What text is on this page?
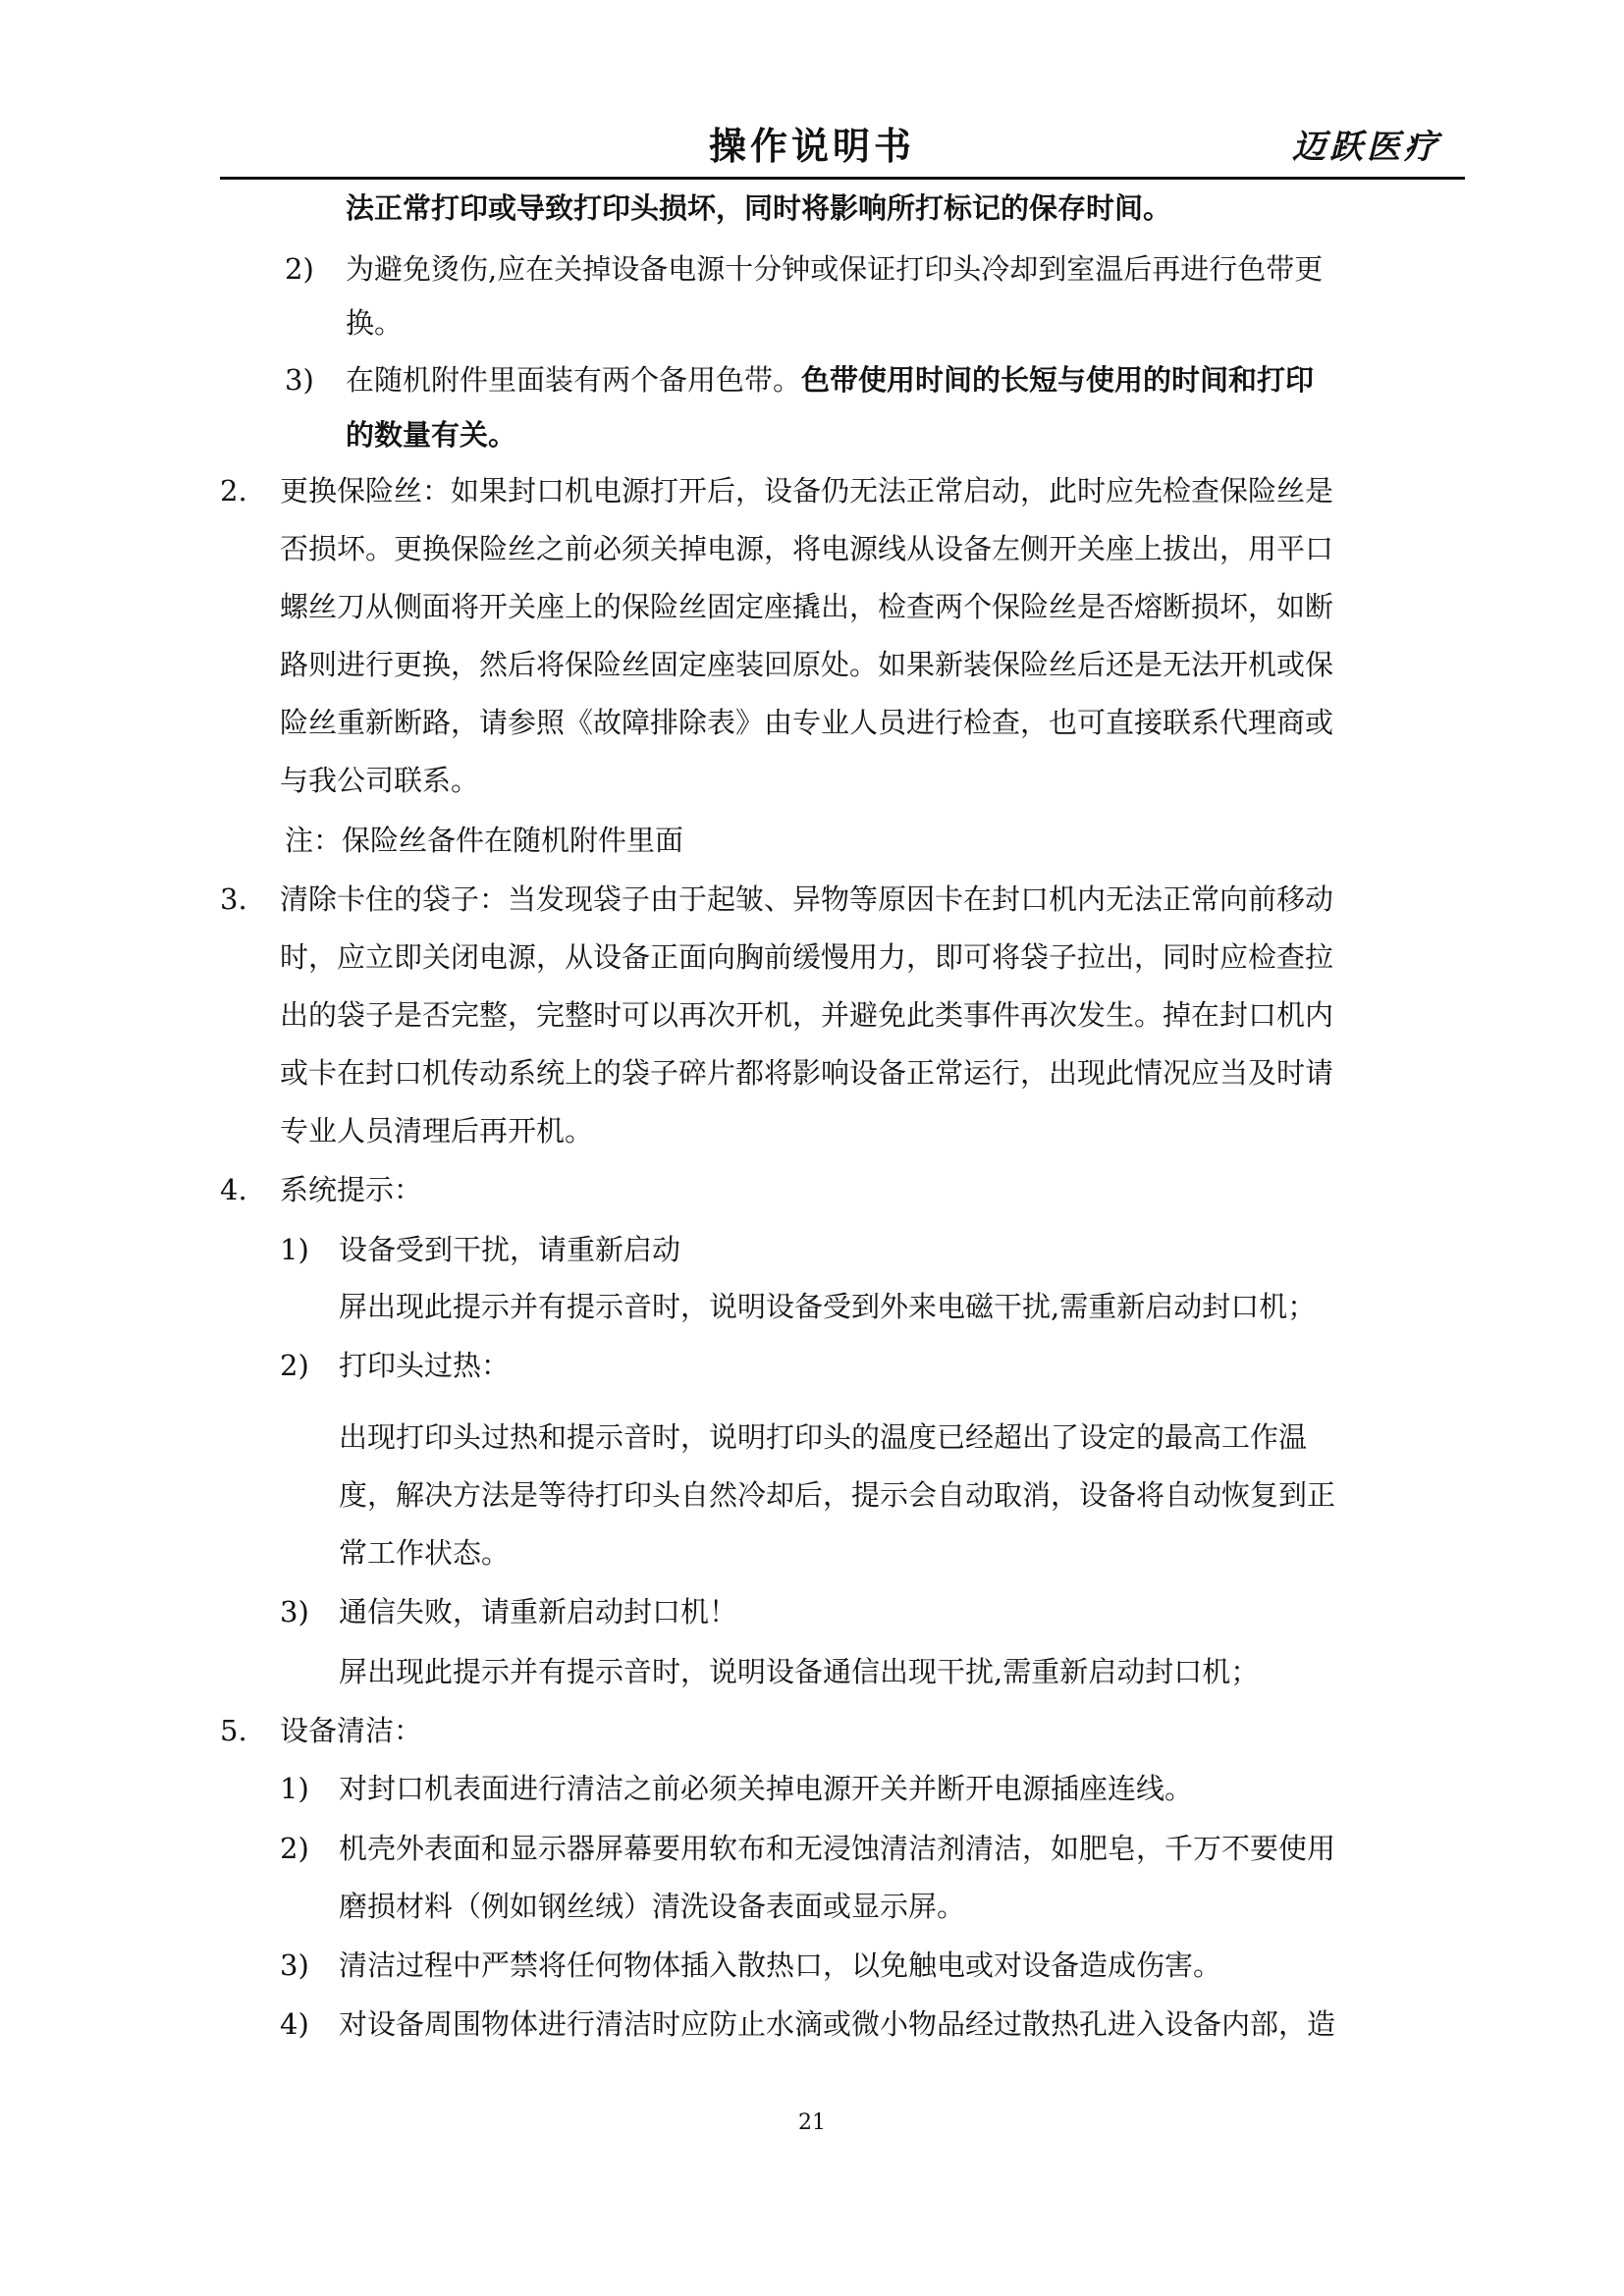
操作说明书	迈跃医疗
法正常打印或导致打印头损坏，同时将影响所打标记的保存时间。
2) 为避免烫伤,应在关掉设备电源十分钟或保证打印头冷却到室温后再进行色带更
换。
3) 在随机附件里面装有两个备用色带。色带使用时间的长短与使用的时间和打印
的数量有关。
2. 更换保险丝：如果封口机电源打开后，设备仍无法正常启动，此时应先检查保险丝是
否损坏。更换保险丝之前必须关掉电源，将电源线从设备左侧开关座上拔出，用平口
螺丝刀从侧面将开关座上的保险丝固定座撬出，检查两个保险丝是否熔断损坏，如断
路则进行更换，然后将保险丝固定座装回原处。如果新装保险丝后还是无法开机或保
险丝重新断路，请参照《故障排除表》由专业人员进行检查，也可直接联系代理商或
与我公司联系。
注：保险丝备件在随机附件里面
3. 清除卡住的袋子：当发现袋子由于起皱、异物等原因卡在封口机内无法正常向前移动
时，应立即关闭电源，从设备正面向胸前缓慢用力，即可将袋子拉出，同时应检查拉
出的袋子是否完整，完整时可以再次开机，并避免此类事件再次发生。掉在封口机内
或卡在封口机传动系统上的袋子碎片都将影响设备正常运行，出现此情况应当及时请
专业人员清理后再开机。
4. 系统提示：
1) 设备受到干扰，请重新启动
屏出现此提示并有提示音时，说明设备受到外来电磁干扰,需重新启动封口机；
2) 打印头过热：
出现打印头过热和提示音时，说明打印头的温度已经超出了设定的最高工作温
度，解决方法是等待打印头自然冷却后，提示会自动取消，设备将自动恢复到正
常工作状态。
3) 通信失败，请重新启动封口机！
屏出现此提示并有提示音时，说明设备通信出现干扰,需重新启动封口机；
5. 设备清洁：
1) 对封口机表面进行清洁之前必须关掉电源开关并断开电源插座连线。
2) 机壳外表面和显示器屏幕要用软布和无浸蚀清洁剂清洁，如肥皂，千万不要使用
磨损材料（例如钢丝绒）清洗设备表面或显示屏。
3) 清洁过程中严禁将任何物体插入散热口，以免触电或对设备造成伤害。
4) 对设备周围物体进行清洁时应防止水滴或微小物品经过散热孔进入设备内部，造
21
